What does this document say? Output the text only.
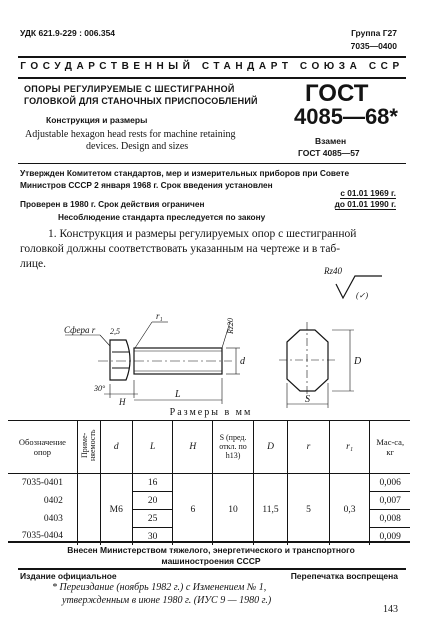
УДК 621.9-229 : 006.354	Группа Г27
7035—0400
ГОСУДАРСТВЕННЫЙ СТАНДАРТ СОЮЗА ССР
ОПОРЫ РЕГУЛИРУЕМЫЕ С ШЕСТИГРАННОЙ
ГОЛОВКОЙ ДЛЯ СТАНОЧНЫХ ПРИСПОСОБЛЕНИЙ
Конструкция и размеры
Adjustable hexagon head rests for machine retaining
devices. Design and sizes
ГОСТ
4085—68*
Взамен
ГОСТ 4085—57
Утвержден Комитетом стандартов, мер и измерительных приборов при Совете
Министров СССР 2 января 1968 г. Срок введения установлен
с 01.01 1969 г.
Проверен в 1980 г. Срок действия ограничен	до 01.01 1990 г.
Несоблюдение стандарта преследуется по закону
1. Конструкция и размеры регулируемых опор с шестигранной
головкой должны соответствовать указанным на чертеже и в таб-
лице.
Rz40
(✓)
Сфера r 2,5
r₁
Rz20
d
30°
H
L
D
S
Размеры в мм
Обозначение опор	Приме-няемость	d	L	H	S (пред. откл. по h13)	D	r	r₁	Мас-са, кг
7035-0401		М6	16	6	10	11,5	5	0,3	0,006
0402			20						0,007
0403			25						0,008
7035-0404			30						0,009
Внесен Министерством тяжелого, энергетического и транспортного
машиностроения СССР
Издание официальное	Перепечатка воспрещена
* Переиздание (ноябрь 1982 г.) с Изменением № 1,
утвержденным в июне 1980 г. (ИУС 9 — 1980 г.)
143
